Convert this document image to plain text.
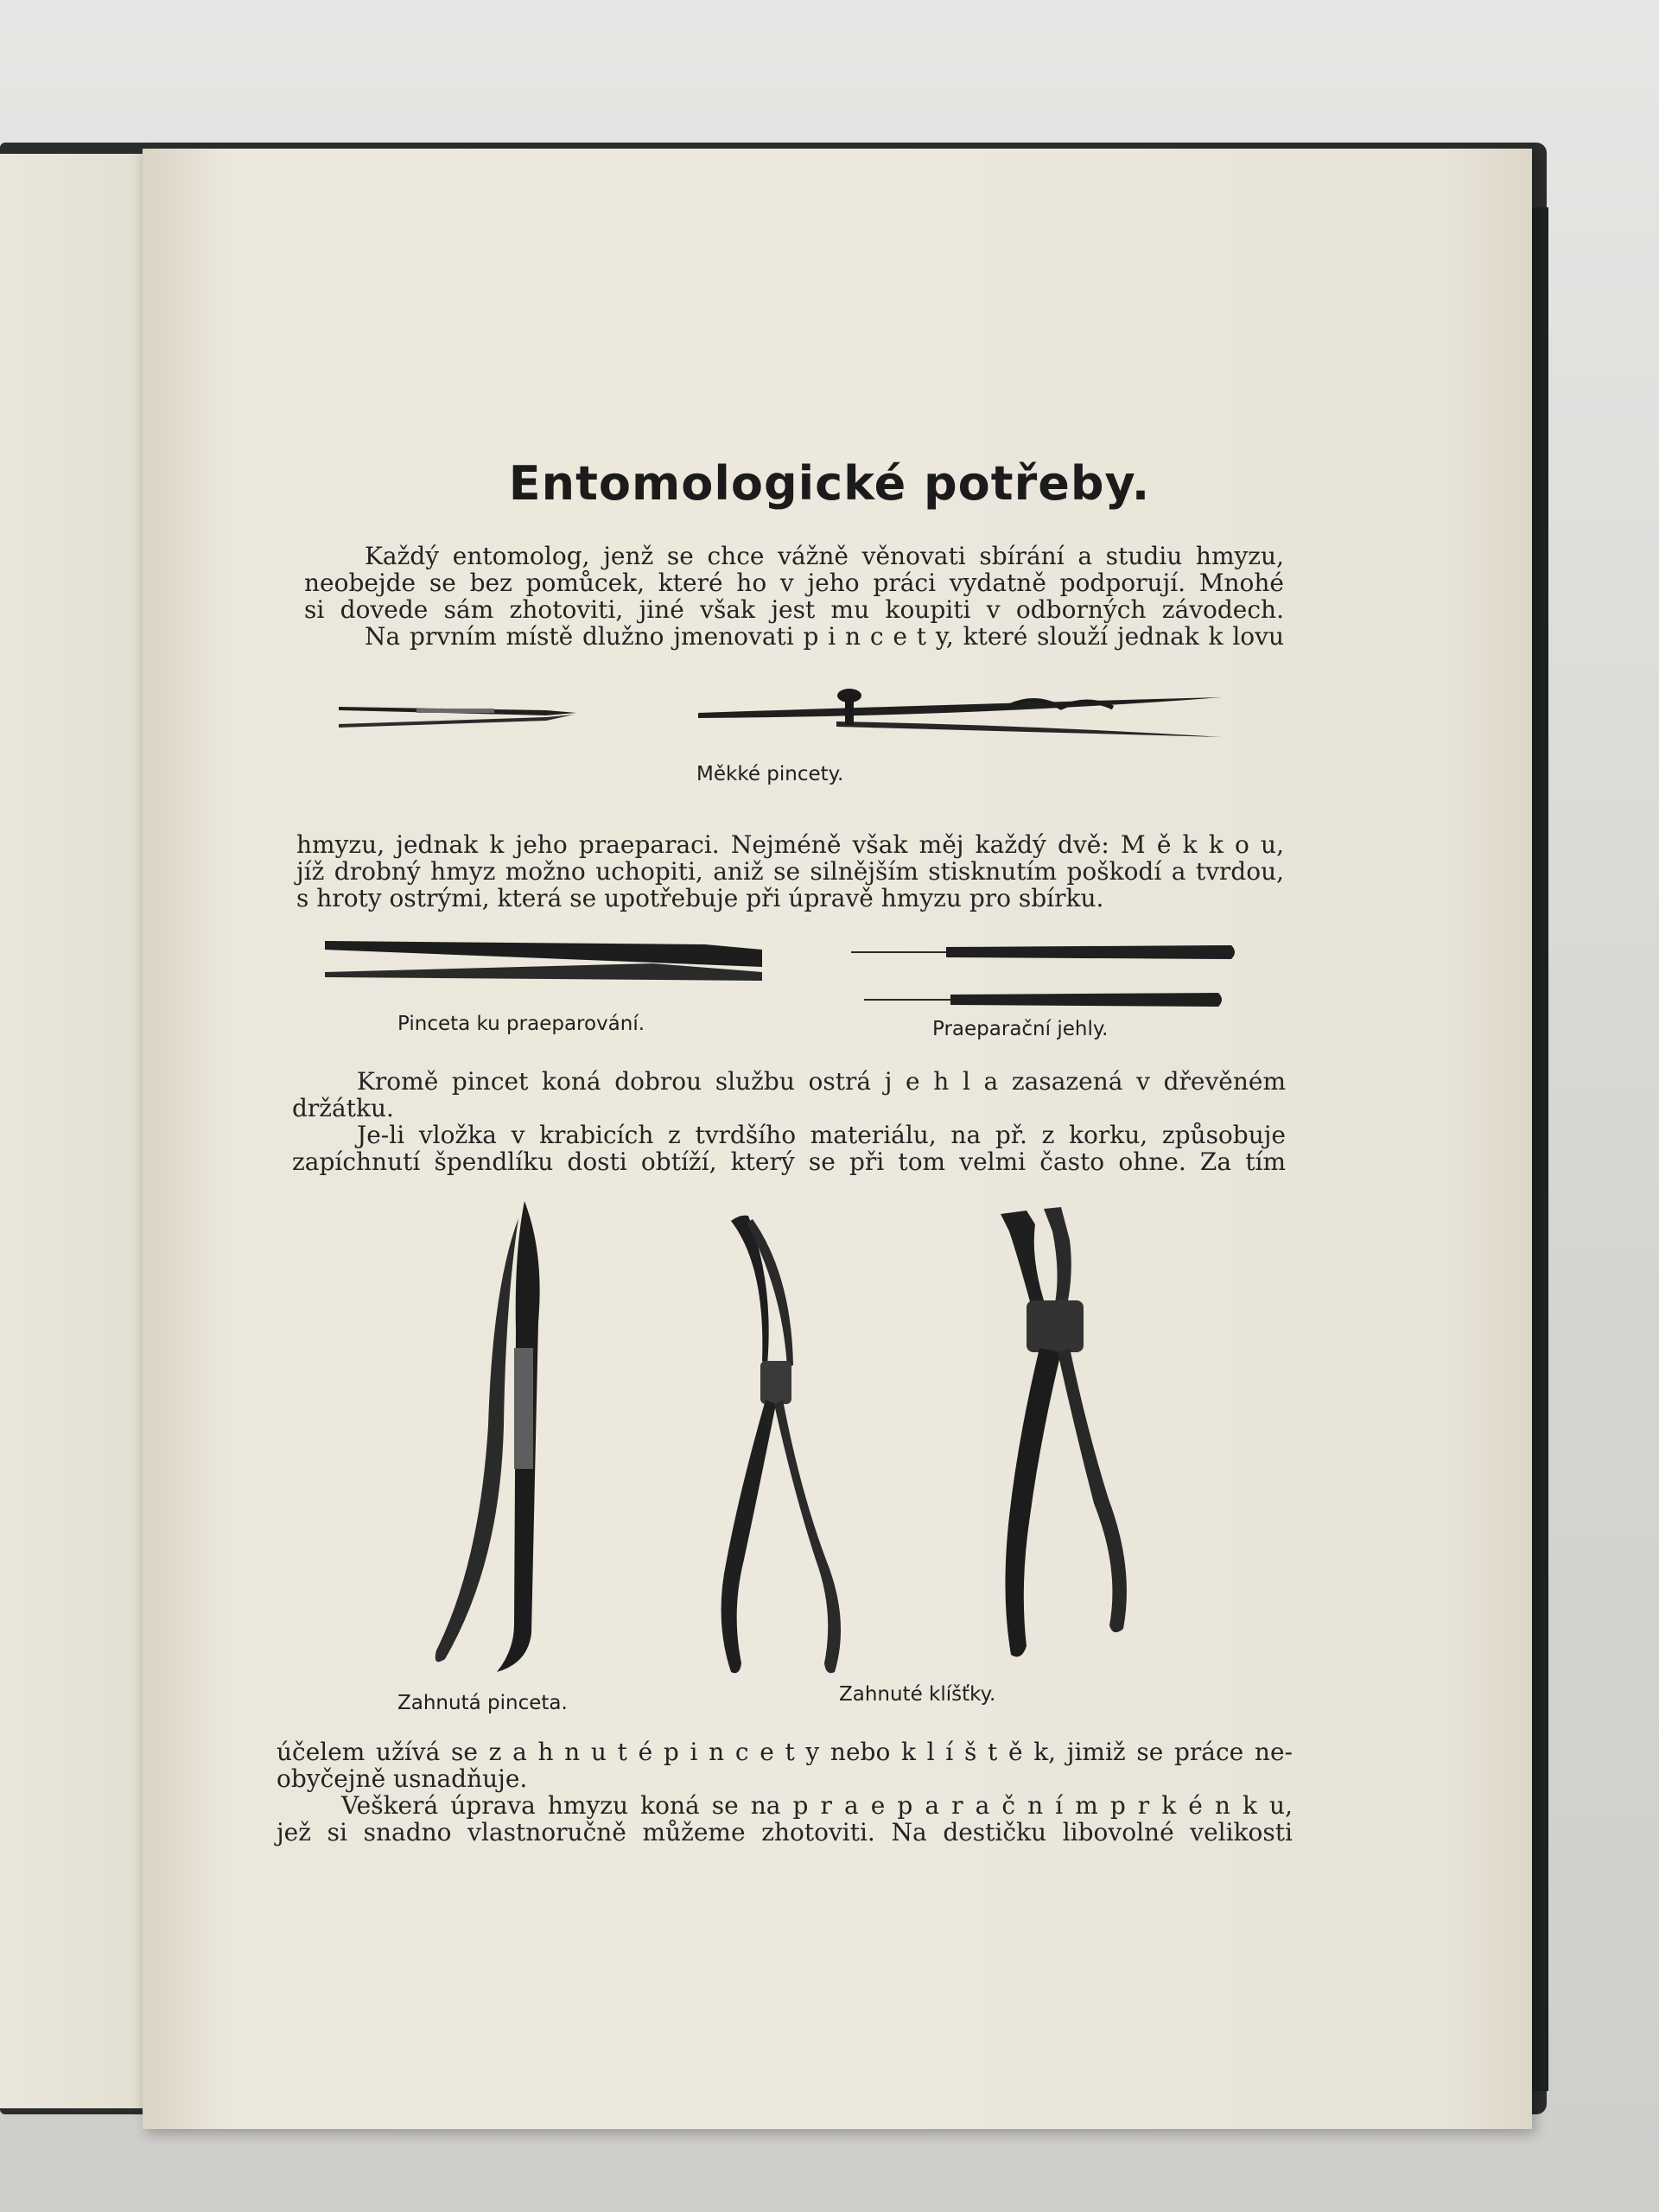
Entomologické potřeby.
Každý entomolog, jenž se chce vážně věnovati sbírání a studiu hmyzu,
neobejde se bez pomůcek, které ho v jeho práci vydatně podporují. Mnohé
si dovede sám zhotoviti, jiné však jest mu koupiti v odborných závodech.
Na prvním místě dlužno jmenovati p i n c e t y, které slouží jednak k lovu
Měkké pincety.
hmyzu, jednak k jeho praeparaci. Nejméně však měj každý dvě: M ě k k o u,
jíž drobný hmyz možno uchopiti, aniž se silnějším stisknutím poškodí a tvrdou,
s hroty ostrými, která se upotřebuje při úpravě hmyzu pro sbírku.
Pinceta ku praeparování.	Praeparační jehly.
Kromě pincet koná dobrou službu ostrá j e h l a zasazená v dřevěném
držátku.
Je-li vložka v krabicích z tvrdšího materiálu, na př. z korku, způsobuje
zapíchnutí špendlíku dosti obtíží, který se při tom velmi často ohne. Za tím
Zahnutá pinceta.	Zahnuté klíšťky.
účelem užívá se z a h n u t é p i n c e t y nebo k l í š t ě k, jimiž se práce ne-
obyčejně usnadňuje.
Veškerá úprava hmyzu koná se na p r a e p a r a č n í m p r k é n k u,
jež si snadno vlastnoručně můžeme zhotoviti. Na destičku libovolné velikosti
